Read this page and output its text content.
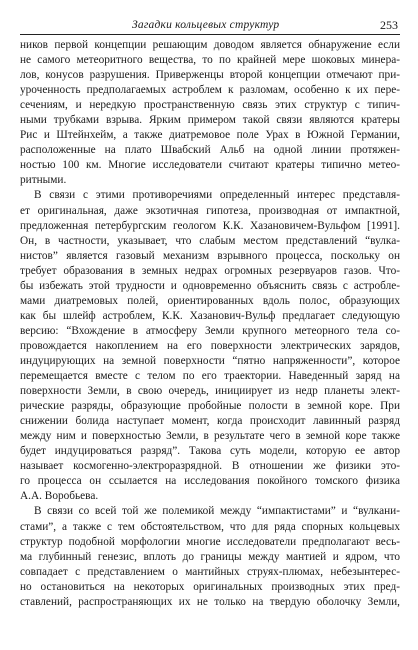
Загадки кольцевых структур	253
ников первой концепции решающим доводом является обнаружение если
не самого метеоритного вещества, то по крайней мере шоковых минера-
лов, конусов разрушения. Приверженцы второй концепции отмечают при-
уроченность предполагаемых астроблем к разломам, особенно к их пере-
сечениям, и нередкую пространственную связь этих структур с типич-
ными трубками взрыва. Ярким примером такой связи являются кратеры
Рис и Штейнхейм, а также диатремовое поле Урах в Южной Германии,
расположенные на плато Швабский Альб на одной линии протяжен-
ностью 100 км. Многие исследователи считают кратеры типично метео-
ритными.
В связи с этими противоречиями определенный интерес представля-
ет оригинальная, даже экзотичная гипотеза, производная от импактной,
предложенная петербургским геологом К.К. Хазановичем-Вульфом [1991].
Он, в частности, указывает, что слабым местом представлений “вулка-
нистов” является газовый механизм взрывного процесса, поскольку он
требует образования в земных недрах огромных резервуаров газов. Что-
бы избежать этой трудности и одновременно объяснить связь с астробле-
мами диатремовых полей, ориентированных вдоль полос, образующих
как бы шлейф астроблем, К.К. Хазанович-Вульф предлагает следующую
версию: “Вхождение в атмосферу Земли крупного метеорного тела со-
провождается накоплением на его поверхности электрических зарядов,
индуцирующих на земной поверхности “пятно напряженности”, которое
перемещается вместе с телом по его траектории. Наведенный заряд на
поверхности Земли, в свою очередь, инициирует из недр планеты элект-
рические разряды, образующие пробойные полости в земной коре. При
снижении болида наступает момент, когда происходит лавинный разряд
между ним и поверхностью Земли, в результате чего в земной коре также
будет индуцироваться разряд”. Такова суть модели, которую ее автор
называет космогенно-электроразрядной. В отношении же физики это-
го процесса он ссылается на исследования покойного томского физика
А.А. Воробьева.
В связи со всей той же полемикой между “импактистами” и “вулкани-
стами”, а также с тем обстоятельством, что для ряда спорных кольцевых
структур подобной морфологии многие исследователи предполагают весь-
ма глубинный генезис, вплоть до границы между мантией и ядром, что
совпадает с представлением о мантийных струях-плюмах, небезынтерес-
но остановиться на некоторых оригинальных производных этих пред-
ставлений, распространяющих их не только на твердую оболочку Земли,
